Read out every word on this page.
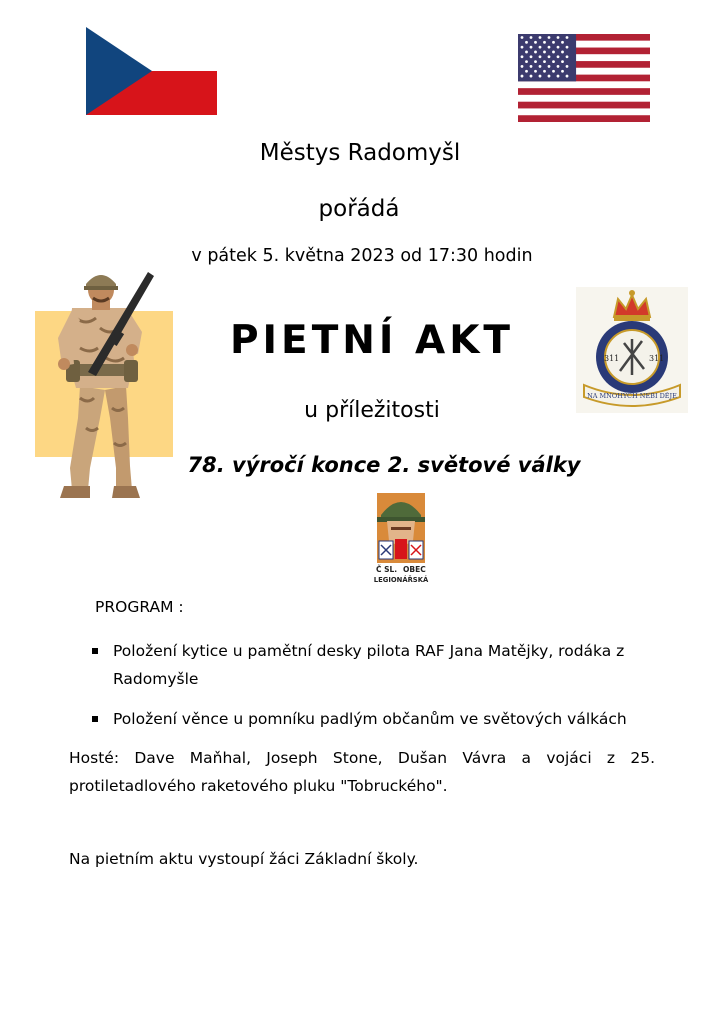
Městys Radomyšl
pořádá
v pátek 5. května 2023 od 17:30 hodin
PIETNÍ AKT
u příležitosti
78. výročí konce 2. světové války
311	311
NA MNOHÝCH NEBI DĚJE
Č SL. OBEC
LEGIONÁŘSKÁ
PROGRAM :
Položení kytice u pamětní desky pilota RAF Jana Matějky, rodáka z Radomyšle
Položení věnce u pomníku padlým občanům ve světových válkách
Hosté: Dave Maňhal, Joseph Stone, Dušan Vávra a vojáci z 25. protiletadlového raketového pluku "Tobruckého".
Na pietním aktu vystoupí žáci Základní školy.
